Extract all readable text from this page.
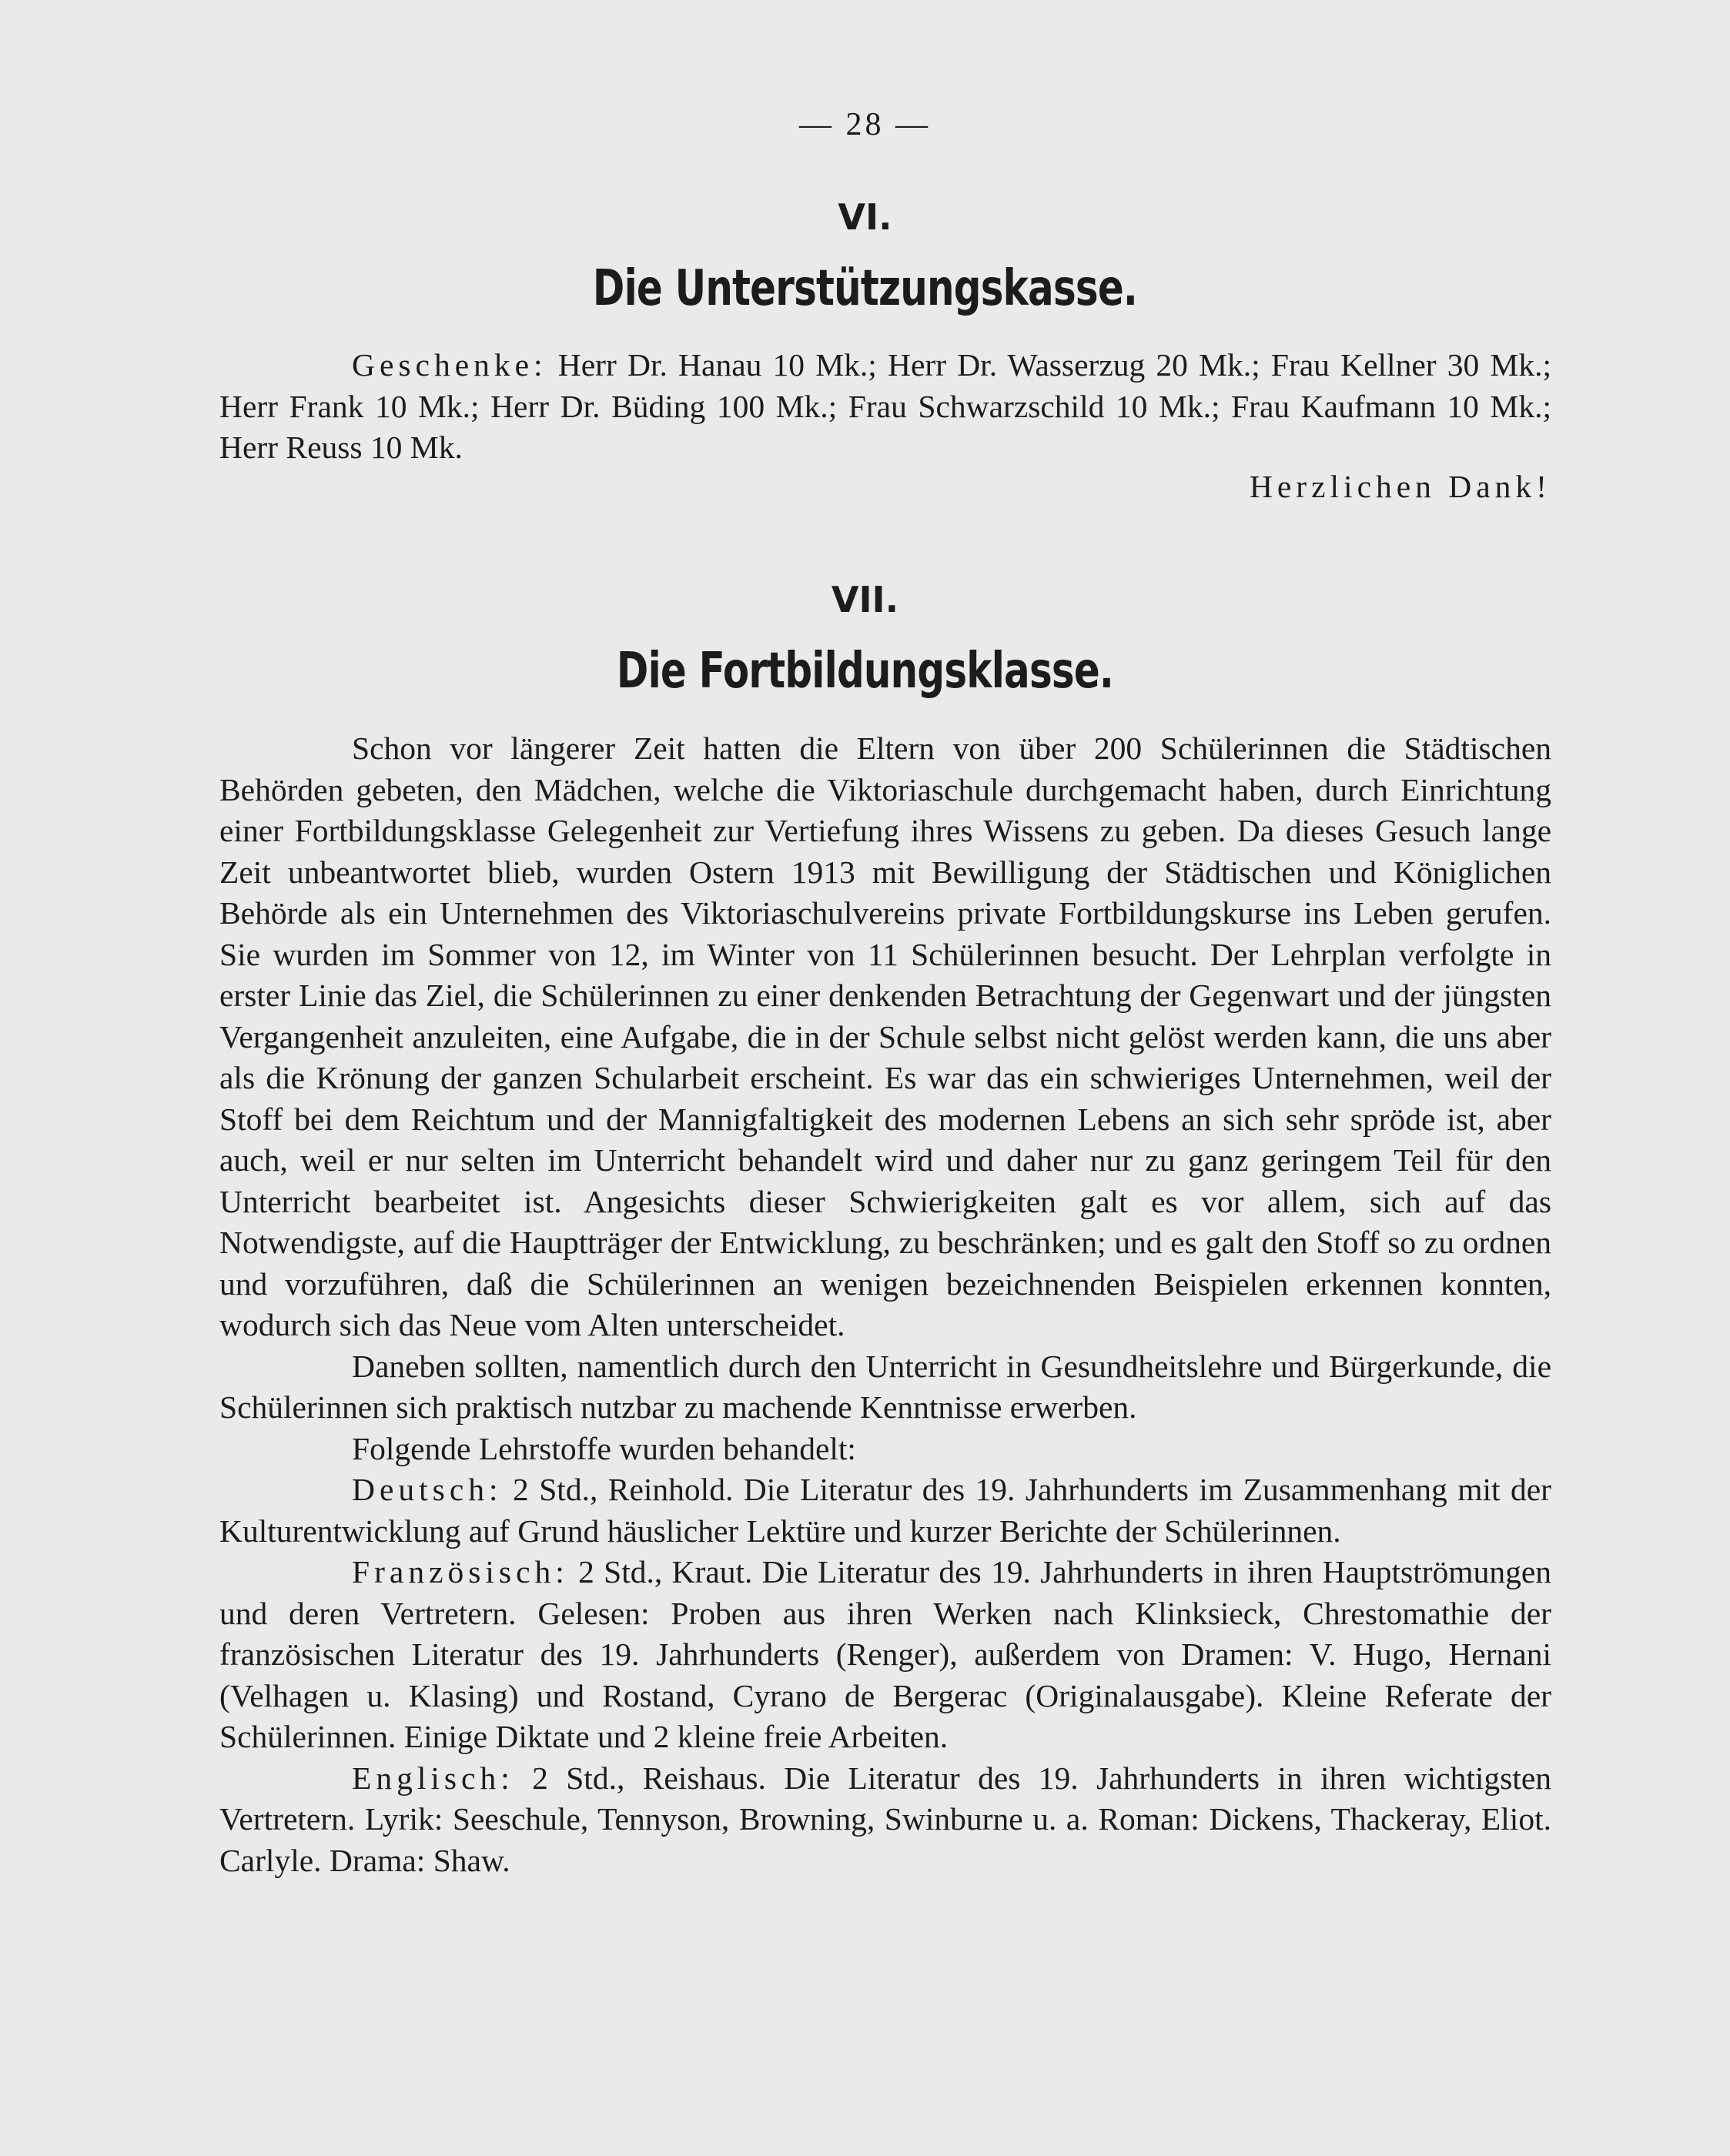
— 28 —
VI.
Die Unterstützungskasse.

Geschenke: Herr Dr. Hanau 10 Mk.; Herr Dr. Wasserzug 20 Mk.; Frau Kellner 30 Mk.; Herr Frank 10 Mk.; Herr Dr. Büding 100 Mk.; Frau Schwarzschild 10 Mk.; Frau Kaufmann 10 Mk.; Herr Reuss 10 Mk.

Herzlichen Dank!
VII.
Die Fortbildungsklasse.

Schon vor längerer Zeit hatten die Eltern von über 200 Schülerinnen die Städtischen Behörden gebeten, den Mädchen, welche die Viktoriaschule durchgemacht haben, durch Einrichtung einer Fortbildungsklasse Gelegenheit zur Vertiefung ihres Wissens zu geben. Da dieses Gesuch lange Zeit unbeantwortet blieb, wurden Ostern 1913 mit Bewilligung der Städtischen und Königlichen Behörde als ein Unternehmen des Viktoriaschulvereins private Fortbildungskurse ins Leben gerufen. Sie wurden im Sommer von 12, im Winter von 11 Schülerinnen besucht. Der Lehrplan verfolgte in erster Linie das Ziel, die Schülerinnen zu einer denkenden Betrachtung der Gegenwart und der jüngsten Vergangenheit anzuleiten, eine Aufgabe, die in der Schule selbst nicht gelöst werden kann, die uns aber als die Krönung der ganzen Schularbeit erscheint. Es war das ein schwieriges Unternehmen, weil der Stoff bei dem Reichtum und der Mannigfaltigkeit des modernen Lebens an sich sehr spröde ist, aber auch, weil er nur selten im Unterricht behandelt wird und daher nur zu ganz geringem Teil für den Unterricht bearbeitet ist. Angesichts dieser Schwierigkeiten galt es vor allem, sich auf das Notwendigste, auf die Hauptträger der Entwicklung, zu beschränken; und es galt den Stoff so zu ordnen und vorzuführen, daß die Schülerinnen an wenigen bezeichnenden Beispielen erkennen konnten, wodurch sich das Neue vom Alten unterscheidet.

Daneben sollten, namentlich durch den Unterricht in Gesundheitslehre und Bürgerkunde, die Schülerinnen sich praktisch nutzbar zu machende Kenntnisse erwerben.

Folgende Lehrstoffe wurden behandelt:

Deutsch: 2 Std., Reinhold. Die Literatur des 19. Jahrhunderts im Zusammenhang mit der Kulturentwicklung auf Grund häuslicher Lektüre und kurzer Berichte der Schülerinnen.

Französisch: 2 Std., Kraut. Die Literatur des 19. Jahrhunderts in ihren Hauptströmungen und deren Vertretern. Gelesen: Proben aus ihren Werken nach Klinksieck, Chrestomathie der französischen Literatur des 19. Jahrhunderts (Renger), außerdem von Dramen: V. Hugo, Hernani (Velhagen u. Klasing) und Rostand, Cyrano de Bergerac (Originalausgabe). Kleine Referate der Schülerinnen. Einige Diktate und 2 kleine freie Arbeiten.

Englisch: 2 Std., Reishaus. Die Literatur des 19. Jahrhunderts in ihren wichtigsten Vertretern. Lyrik: Seeschule, Tennyson, Browning, Swinburne u. a. Roman: Dickens, Thackeray, Eliot. Carlyle. Drama: Shaw.
